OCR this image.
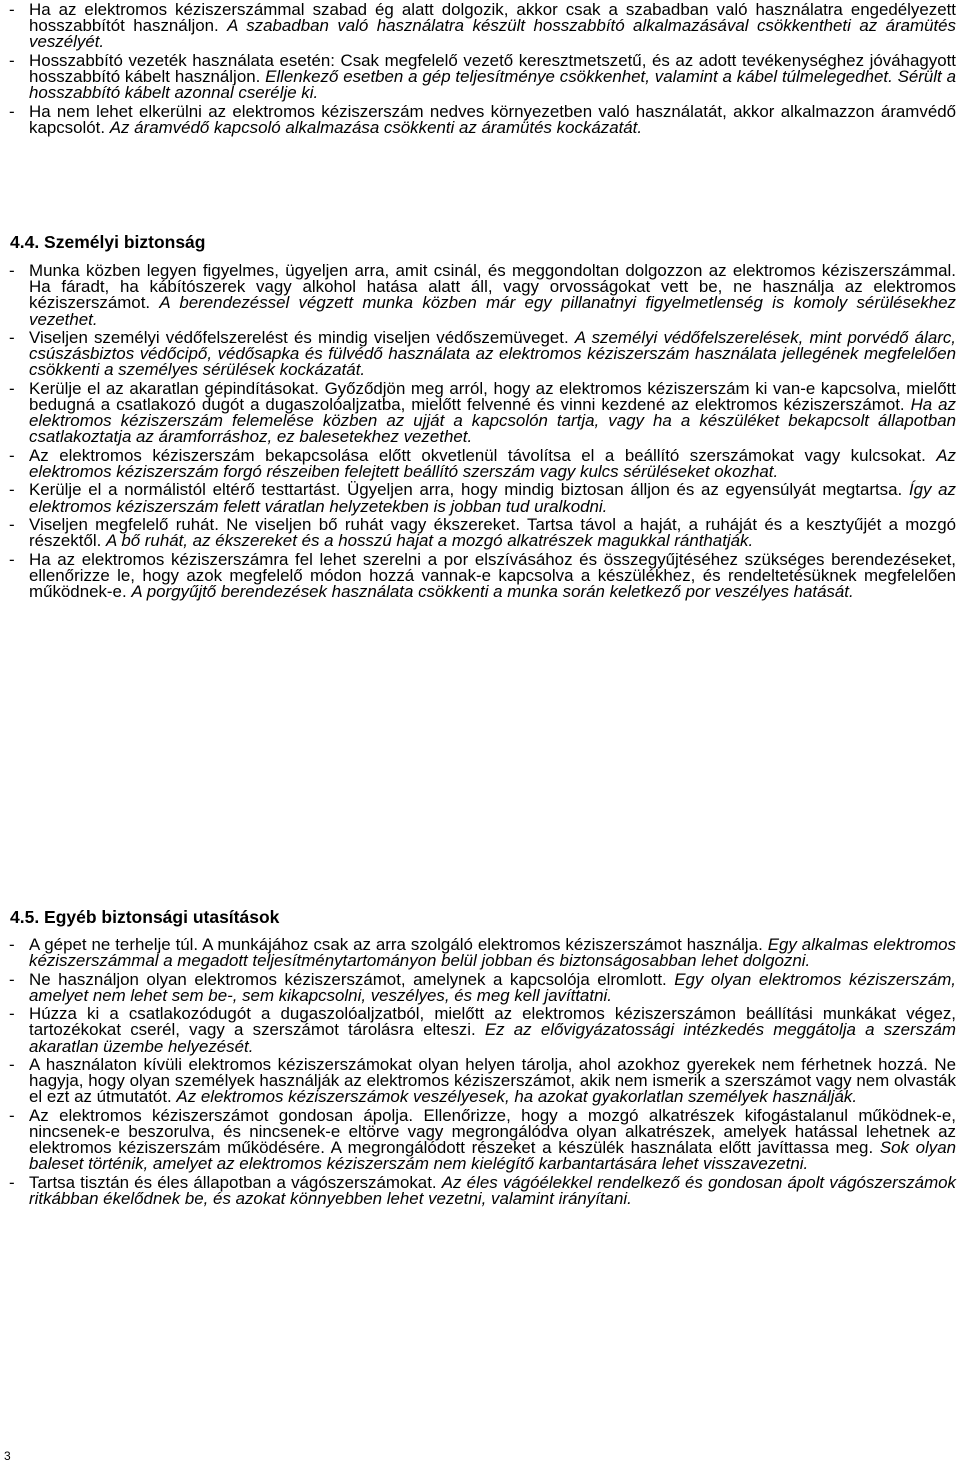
- Ha az elektromos kéziszerszámmal szabad ég alatt dolgozik, akkor csak a szabadban való használatra engedélyezett hosszabbítót használjon. A szabadban való használatra készült hosszabbító alkalmazásával csökkentheti az áramütés veszélyét.
- Hosszabbító vezeték használata esetén: Csak megfelelő vezető keresztmetszetű, és az adott tevékenységhez jóváhagyott hosszabbító kábelt használjon. Ellenkező esetben a gép teljesítménye csökkenhet, valamint a kábel túlmelegedhet. Sérült a hosszabbító kábelt azonnal cserélje ki.
- Ha nem lehet elkerülni az elektromos kéziszerszám nedves környezetben való használatát, akkor alkalmazzon áramvédő kapcsolót. Az áramvédő kapcsoló alkalmazása csökkenti az áramütés kockázatát.
4.4. Személyi biztonság
- Munka közben legyen figyelmes, ügyeljen arra, amit csinál, és meggondoltan dolgozzon az elektromos kéziszerszámmal. Ha fáradt, ha kábítószerek vagy alkohol hatása alatt áll, vagy orvosságokat vett be, ne használja az elektromos kéziszerszámot. A berendezéssel végzett munka közben már egy pillanatnyi figyelmetlenség is komoly sérülésekhez vezethet.
- Viseljen személyi védőfelszerelést és mindig viseljen védőszemüveget. A személyi védőfelszerelések, mint porvédő álarc, csúszásbiztos védőcipő, védősapka és fülvédő használata az elektromos kéziszerszám használata jellegének megfelelően csökkenti a személyes sérülések kockázatát.
- Kerülje el az akaratlan gépindításokat. Győződjön meg arról, hogy az elektromos kéziszerszám ki van-e kapcsolva, mielőtt bedugná a csatlakozó dugót a dugaszolóaljzatba, mielőtt felvenné és vinni kezdené az elektromos kéziszerszámot. Ha az elektromos kéziszerszám felemelése közben az ujját a kapcsolón tartja, vagy ha a készüléket bekapcsolt állapotban csatlakoztatja az áramforráshoz, ez balesetekhez vezethet.
- Az elektromos kéziszerszám bekapcsolása előtt okvetlenül távolítsa el a beállító szerszámokat vagy kulcsokat. Az elektromos kéziszerszám forgó részeiben felejtett beállító szerszám vagy kulcs sérüléseket okozhat.
- Kerülje el a normálistól eltérő testtartást. Ügyeljen arra, hogy mindig biztosan álljon és az egyensúlyát megtartsa. Így az elektromos kéziszerszám felett váratlan helyzetekben is jobban tud uralkodni.
- Viseljen megfelelő ruhát. Ne viseljen bő ruhát vagy ékszereket. Tartsa távol a haját, a ruháját és a kesztyűjét a mozgó részektől. A bő ruhát, az ékszereket és a hosszú hajat a mozgó alkatrészek magukkal ránthatják.
- Ha az elektromos kéziszerszámra fel lehet szerelni a por elszívásához és összegyűjtéséhez szükséges berendezéseket, ellenőrizze le, hogy azok megfelelő módon hozzá vannak-e kapcsolva a készülékhez, és rendeltetésüknek megfelelően működnek-e. A porgyűjtő berendezések használata csökkenti a munka során keletkező por veszélyes hatását.
4.5. Egyéb biztonsági utasítások
- A gépet ne terhelje túl. A munkájához csak az arra szolgáló elektromos kéziszerszámot használja. Egy alkalmas elektromos kéziszerszámmal a megadott teljesítménytartományon belül jobban és biztonságosabban lehet dolgozni.
- Ne használjon olyan elektromos kéziszerszámot, amelynek a kapcsolója elromlott. Egy olyan elektromos kéziszerszám, amelyet nem lehet sem be-, sem kikapcsolni, veszélyes, és meg kell javíttatni.
- Húzza ki a csatlakozódugót a dugaszolóaljzatból, mielőtt az elektromos kéziszerszámon beállítási munkákat végez, tartozékokat cserél, vagy a szerszámot tárolásra elteszi. Ez az elővigyázatossági intézkedés meggátolja a szerszám akaratlan üzembe helyezését.
- A használaton kívüli elektromos kéziszerszámokat olyan helyen tárolja, ahol azokhoz gyerekek nem férhetnek hozzá. Ne hagyja, hogy olyan személyek használják az elektromos kéziszerszámot, akik nem ismerik a szerszámot vagy nem olvasták el ezt az útmutatót. Az elektromos kéziszerszámok veszélyesek, ha azokat gyakorlatlan személyek használják.
- Az elektromos kéziszerszámot gondosan ápolja. Ellenőrizze, hogy a mozgó alkatrészek kifogástalanul működnek-e, nincsenek-e beszorulva, és nincsenek-e eltörve vagy megrongálódva olyan alkatrészek, amelyek hatással lehetnek az elektromos kéziszerszám működésére. A megrongálódott részeket a készülék használata előtt javíttassa meg. Sok olyan baleset történik, amelyet az elektromos kéziszerszám nem kielégítő karbantartására lehet visszavezetni.
- Tartsa tisztán és éles állapotban a vágószerszámokat. Az éles vágóélekkel rendelkező és gondosan ápolt vágószerszámok ritkábban ékelődnek be, és azokat könnyebben lehet vezetni, valamint irányítani.
3
